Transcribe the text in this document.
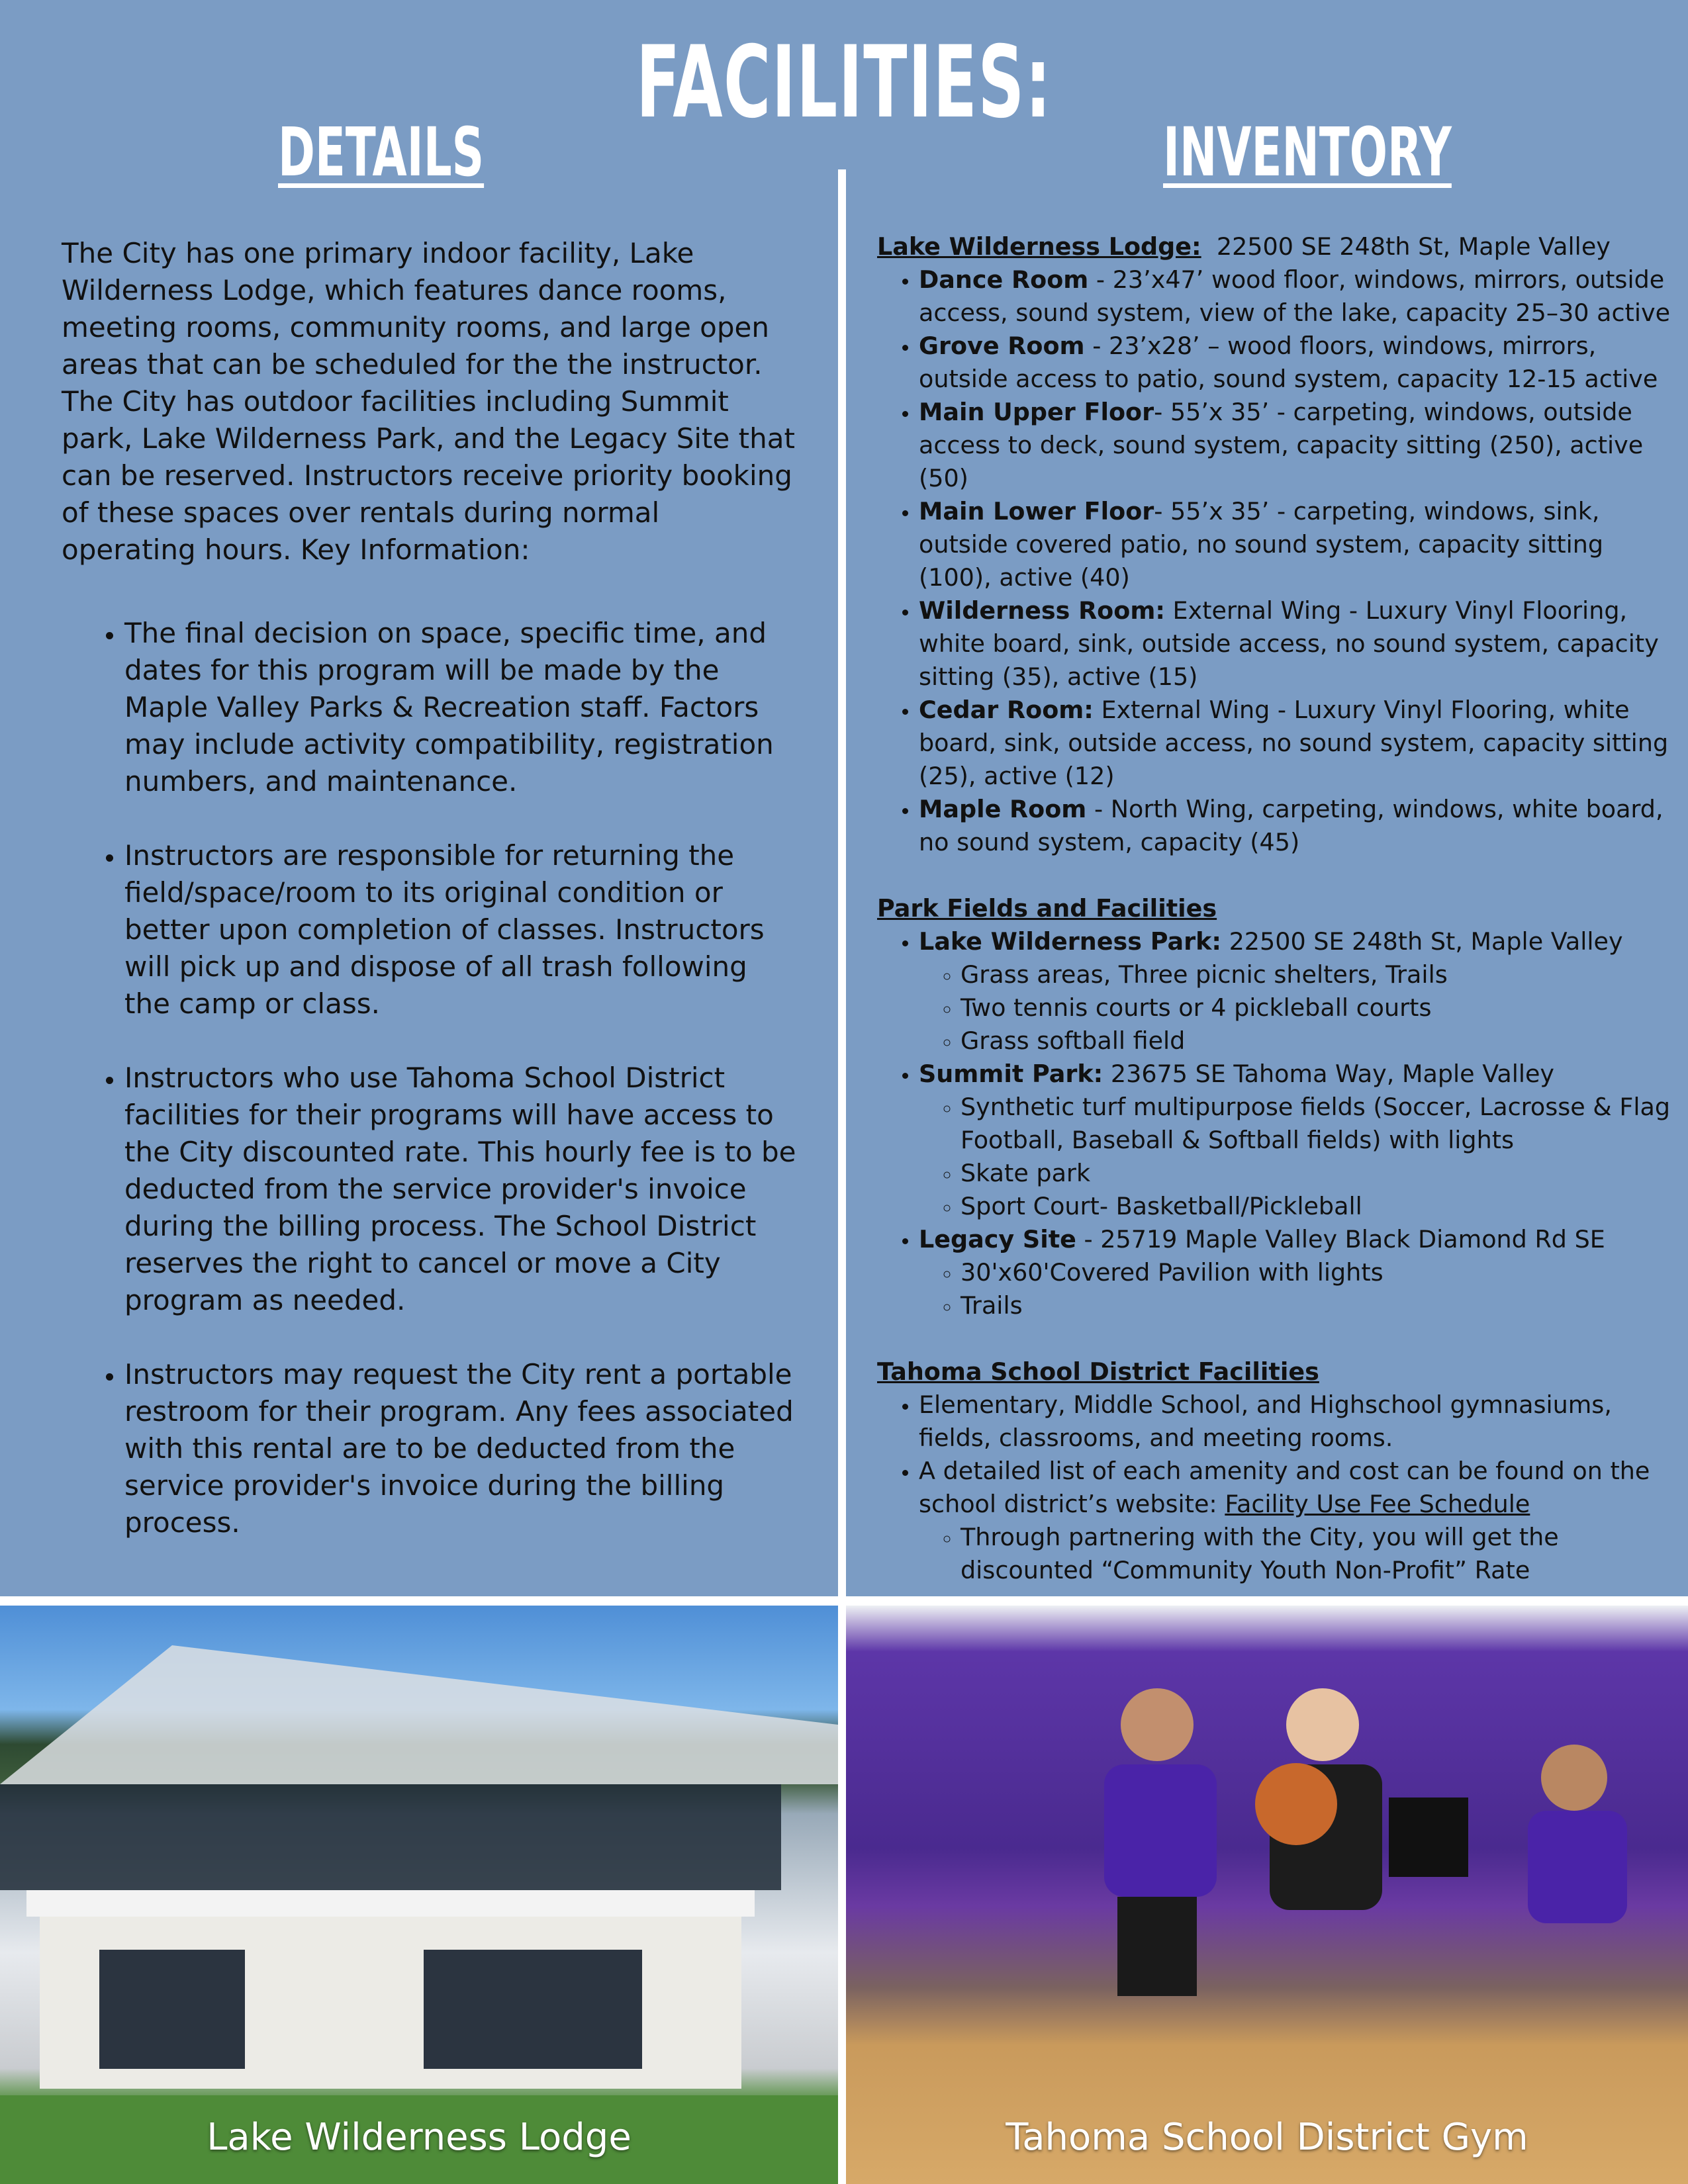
FACILITIES:
DETAILS	INVENTORY

The City has one primary indoor facility, Lake Wilderness Lodge, which features dance rooms, meeting rooms, community rooms, and large open areas that can be scheduled for the the instructor. The City has outdoor facilities including Summit park, Lake Wilderness Park, and the Legacy Site that can be reserved. Instructors receive priority booking of these spaces over rentals during normal operating hours. Key Information:

• The final decision on space, specific time, and dates for this program will be made by the Maple Valley Parks & Recreation staff. Factors may include activity compatibility, registration numbers, and maintenance.
• Instructors are responsible for returning the field/space/room to its original condition or better upon completion of classes. Instructors will pick up and dispose of all trash following the camp or class.
• Instructors who use Tahoma School District facilities for their programs will have access to the City discounted rate. This hourly fee is to be deducted from the service provider's invoice during the billing process. The School District reserves the right to cancel or move a City program as needed.
• Instructors may request the City rent a portable restroom for their program. Any fees associated with this rental are to be deducted from the service provider's invoice during the billing process.
Lake Wilderness Lodge:  22500 SE 248th St, Maple Valley
• Dance Room - 23’x47’ wood floor, windows, mirrors, outside access, sound system, view of the lake, capacity 25–30 active
• Grove Room - 23’x28’ – wood floors, windows, mirrors, outside access to patio, sound system, capacity 12-15 active
• Main Upper Floor- 55’x 35’ - carpeting, windows, outside access to deck, sound system, capacity sitting (250), active (50)
• Main Lower Floor- 55’x 35’ - carpeting, windows, sink, outside covered patio, no sound system, capacity sitting (100), active (40)
• Wilderness Room: External Wing - Luxury Vinyl Flooring, white board, sink, outside access, no sound system, capacity sitting (35), active (15)
• Cedar Room: External Wing - Luxury Vinyl Flooring, white board, sink, outside access, no sound system, capacity sitting (25), active (12)
• Maple Room - North Wing, carpeting, windows, white board, no sound system, capacity (45)
Park Fields and Facilities
• Lake Wilderness Park: 22500 SE 248th St, Maple Valley
◦ Grass areas, Three picnic shelters, Trails
◦ Two tennis courts or 4 pickleball courts
◦ Grass softball field
• Summit Park: 23675 SE Tahoma Way, Maple Valley
◦ Synthetic turf multipurpose fields (Soccer, Lacrosse & Flag Football, Baseball & Softball fields) with lights
◦ Skate park
◦ Sport Court- Basketball/Pickleball
• Legacy Site - 25719 Maple Valley Black Diamond Rd SE
◦ 30'x60'Covered Pavilion with lights
◦ Trails
Tahoma School District Facilities
• Elementary, Middle School, and Highschool gymnasiums, fields, classrooms, and meeting rooms.
• A detailed list of each amenity and cost can be found on the school district’s website: Facility Use Fee Schedule
◦ Through partnering with the City, you will get the discounted “Community Youth Non-Profit” Rate
Lake Wilderness Lodge	Tahoma School District Gym
